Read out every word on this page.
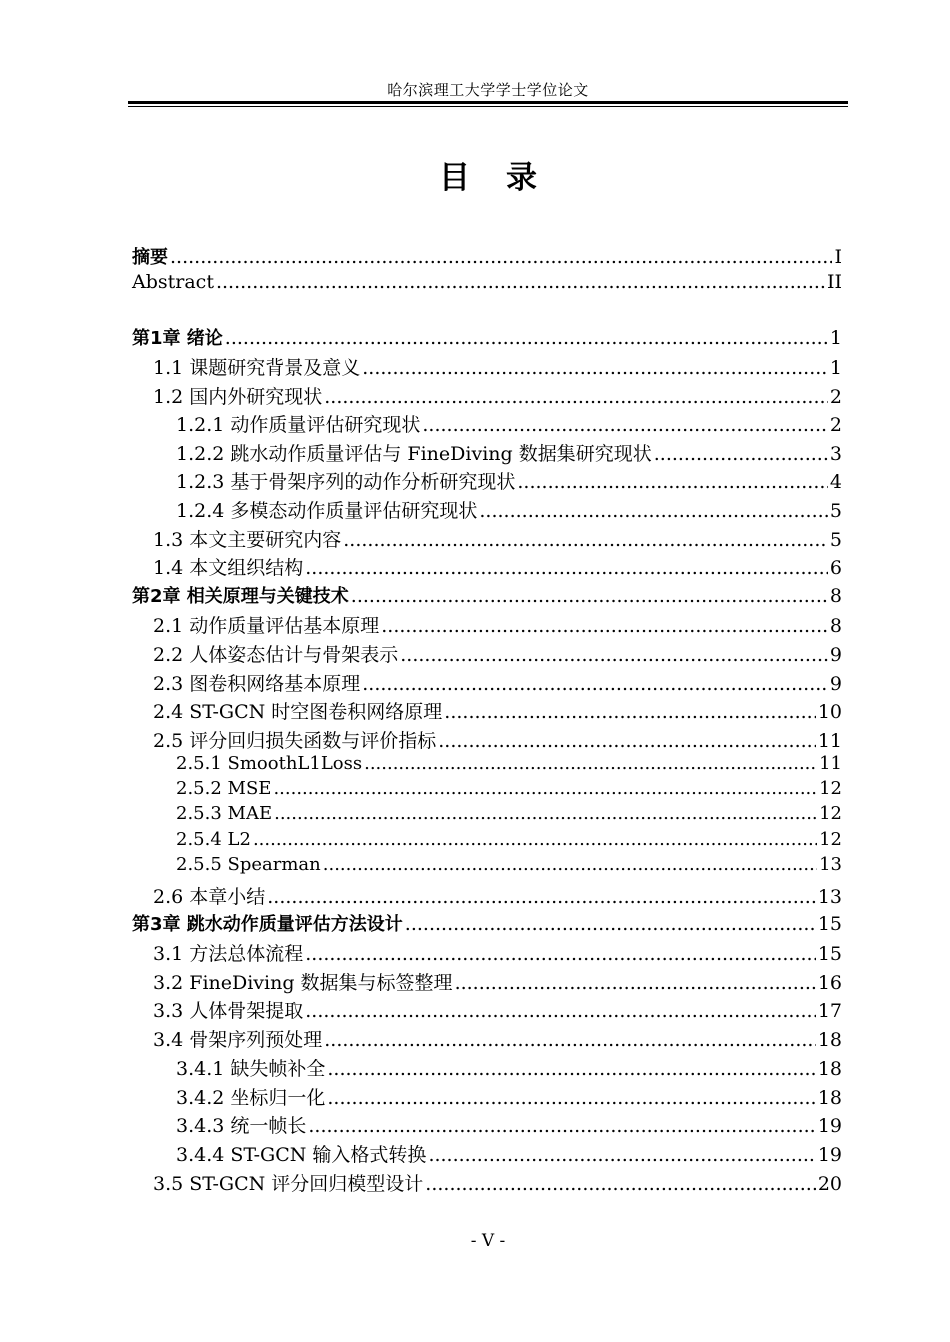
哈尔滨理工大学学士学位论文
目 录
摘要 .....	I
Abstract .....	II
第1章 绪论 .....	1
1.1 课题研究背景及意义 .....	1
1.2 国内外研究现状 .....	2
1.2.1 动作质量评估研究现状 .....	2
1.2.2 跳水动作质量评估与 FineDiving 数据集研究现状 .....	3
1.2.3 基于骨架序列的动作分析研究现状 .....	4
1.2.4 多模态动作质量评估研究现状 .....	5
1.3 本文主要研究内容 .....	5
1.4 本文组织结构 .....	6
第2章 相关原理与关键技术 .....	8
2.1 动作质量评估基本原理 .....	8
2.2 人体姿态估计与骨架表示 .....	9
2.3 图卷积网络基本原理 .....	9
2.4 ST-GCN 时空图卷积网络原理 .....	10
2.5 评分回归损失函数与评价指标 .....	11
2.5.1 SmoothL1Loss .....	11
2.5.2 MSE .....	12
2.5.3 MAE .....	12
2.5.4 L2 .....	12
2.5.5 Spearman .....	13
2.6 本章小结 .....	13
第3章 跳水动作质量评估方法设计 .....	15
3.1 方法总体流程 .....	15
3.2 FineDiving 数据集与标签整理 .....	16
3.3 人体骨架提取 .....	17
3.4 骨架序列预处理 .....	18
3.4.1 缺失帧补全 .....	18
3.4.2 坐标归一化 .....	18
3.4.3 统一帧长 .....	19
3.4.4 ST-GCN 输入格式转换 .....	19
3.5 ST-GCN 评分回归模型设计 .....	20
- V -
